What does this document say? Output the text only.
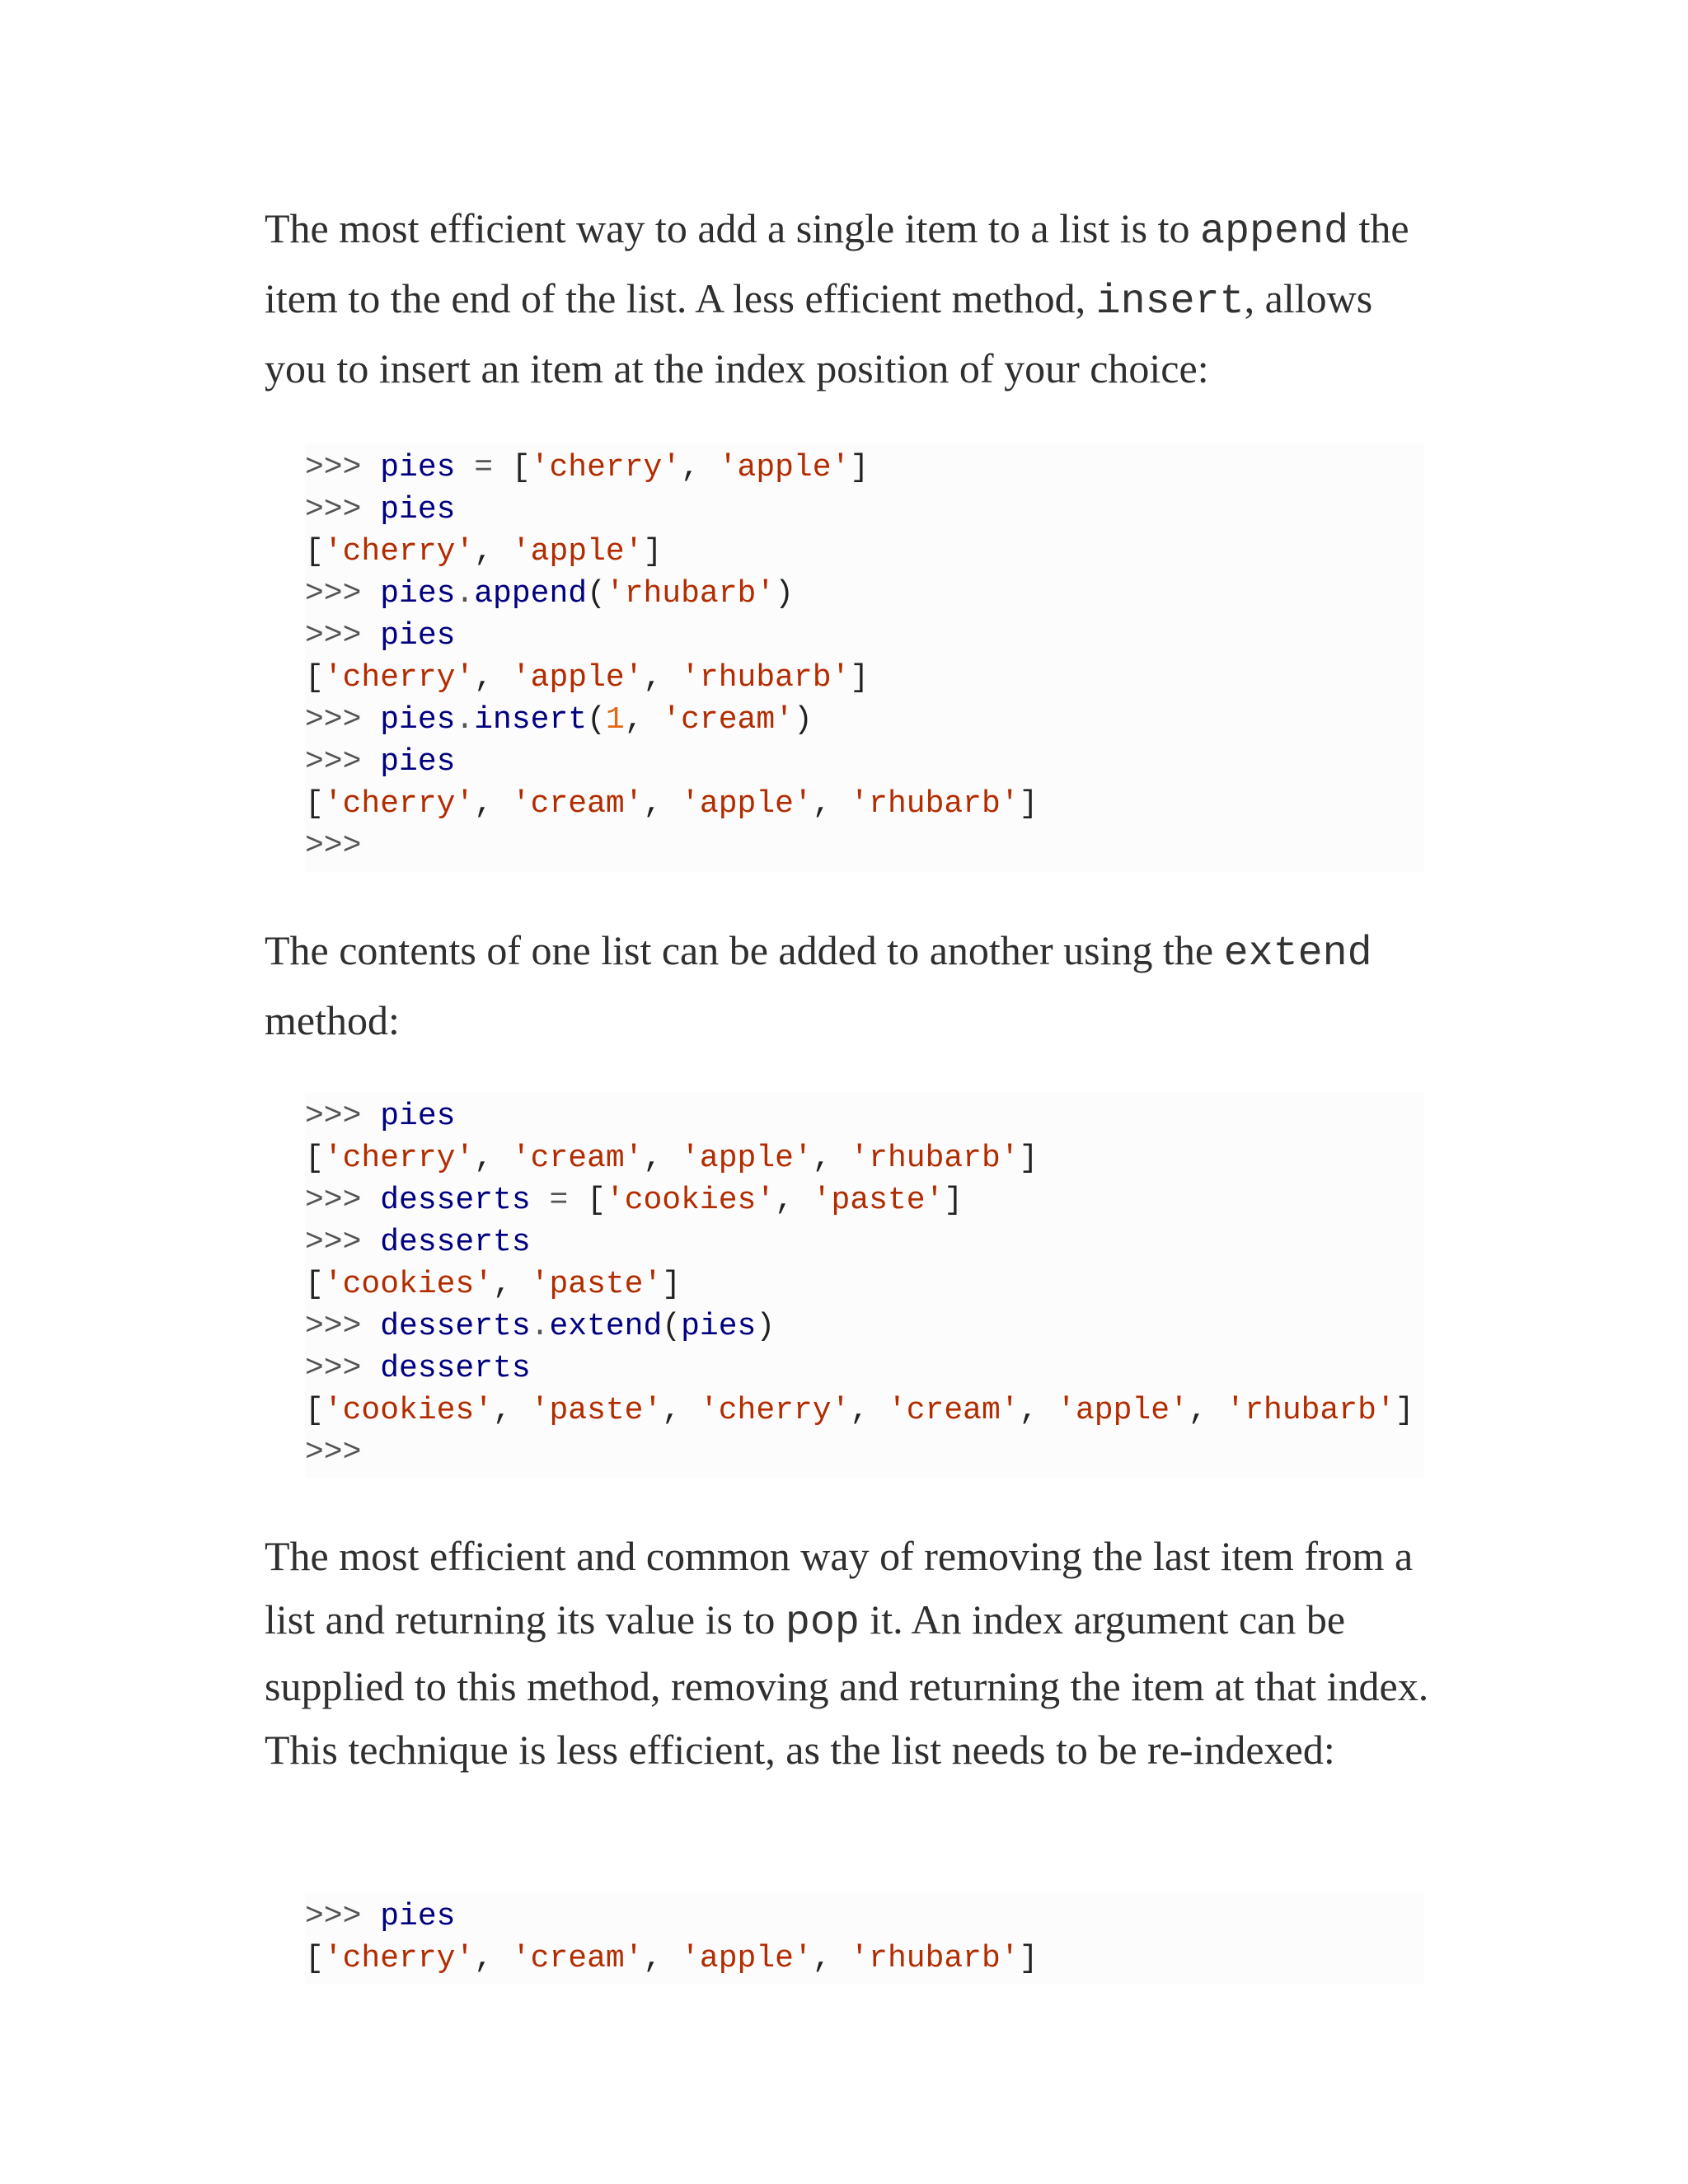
The most efficient way to add a single item to a list is to append the item to the end of the list. A less efficient method, insert, allows you to insert an item at the index position of your choice:

>>> pies = ['cherry', 'apple']
>>> pies
['cherry', 'apple']
>>> pies.append('rhubarb')
>>> pies
['cherry', 'apple', 'rhubarb']
>>> pies.insert(1, 'cream')
>>> pies
['cherry', 'cream', 'apple', 'rhubarb']
>>>

The contents of one list can be added to another using the extend method:

>>> pies
['cherry', 'cream', 'apple', 'rhubarb']
>>> desserts = ['cookies', 'paste']
>>> desserts
['cookies', 'paste']
>>> desserts.extend(pies)
>>> desserts
['cookies', 'paste', 'cherry', 'cream', 'apple', 'rhubarb']
>>>

The most efficient and common way of removing the last item from a list and returning its value is to pop it. An index argument can be supplied to this method, removing and returning the item at that index. This technique is less efficient, as the list needs to be re-indexed:

>>> pies
['cherry', 'cream', 'apple', 'rhubarb']
